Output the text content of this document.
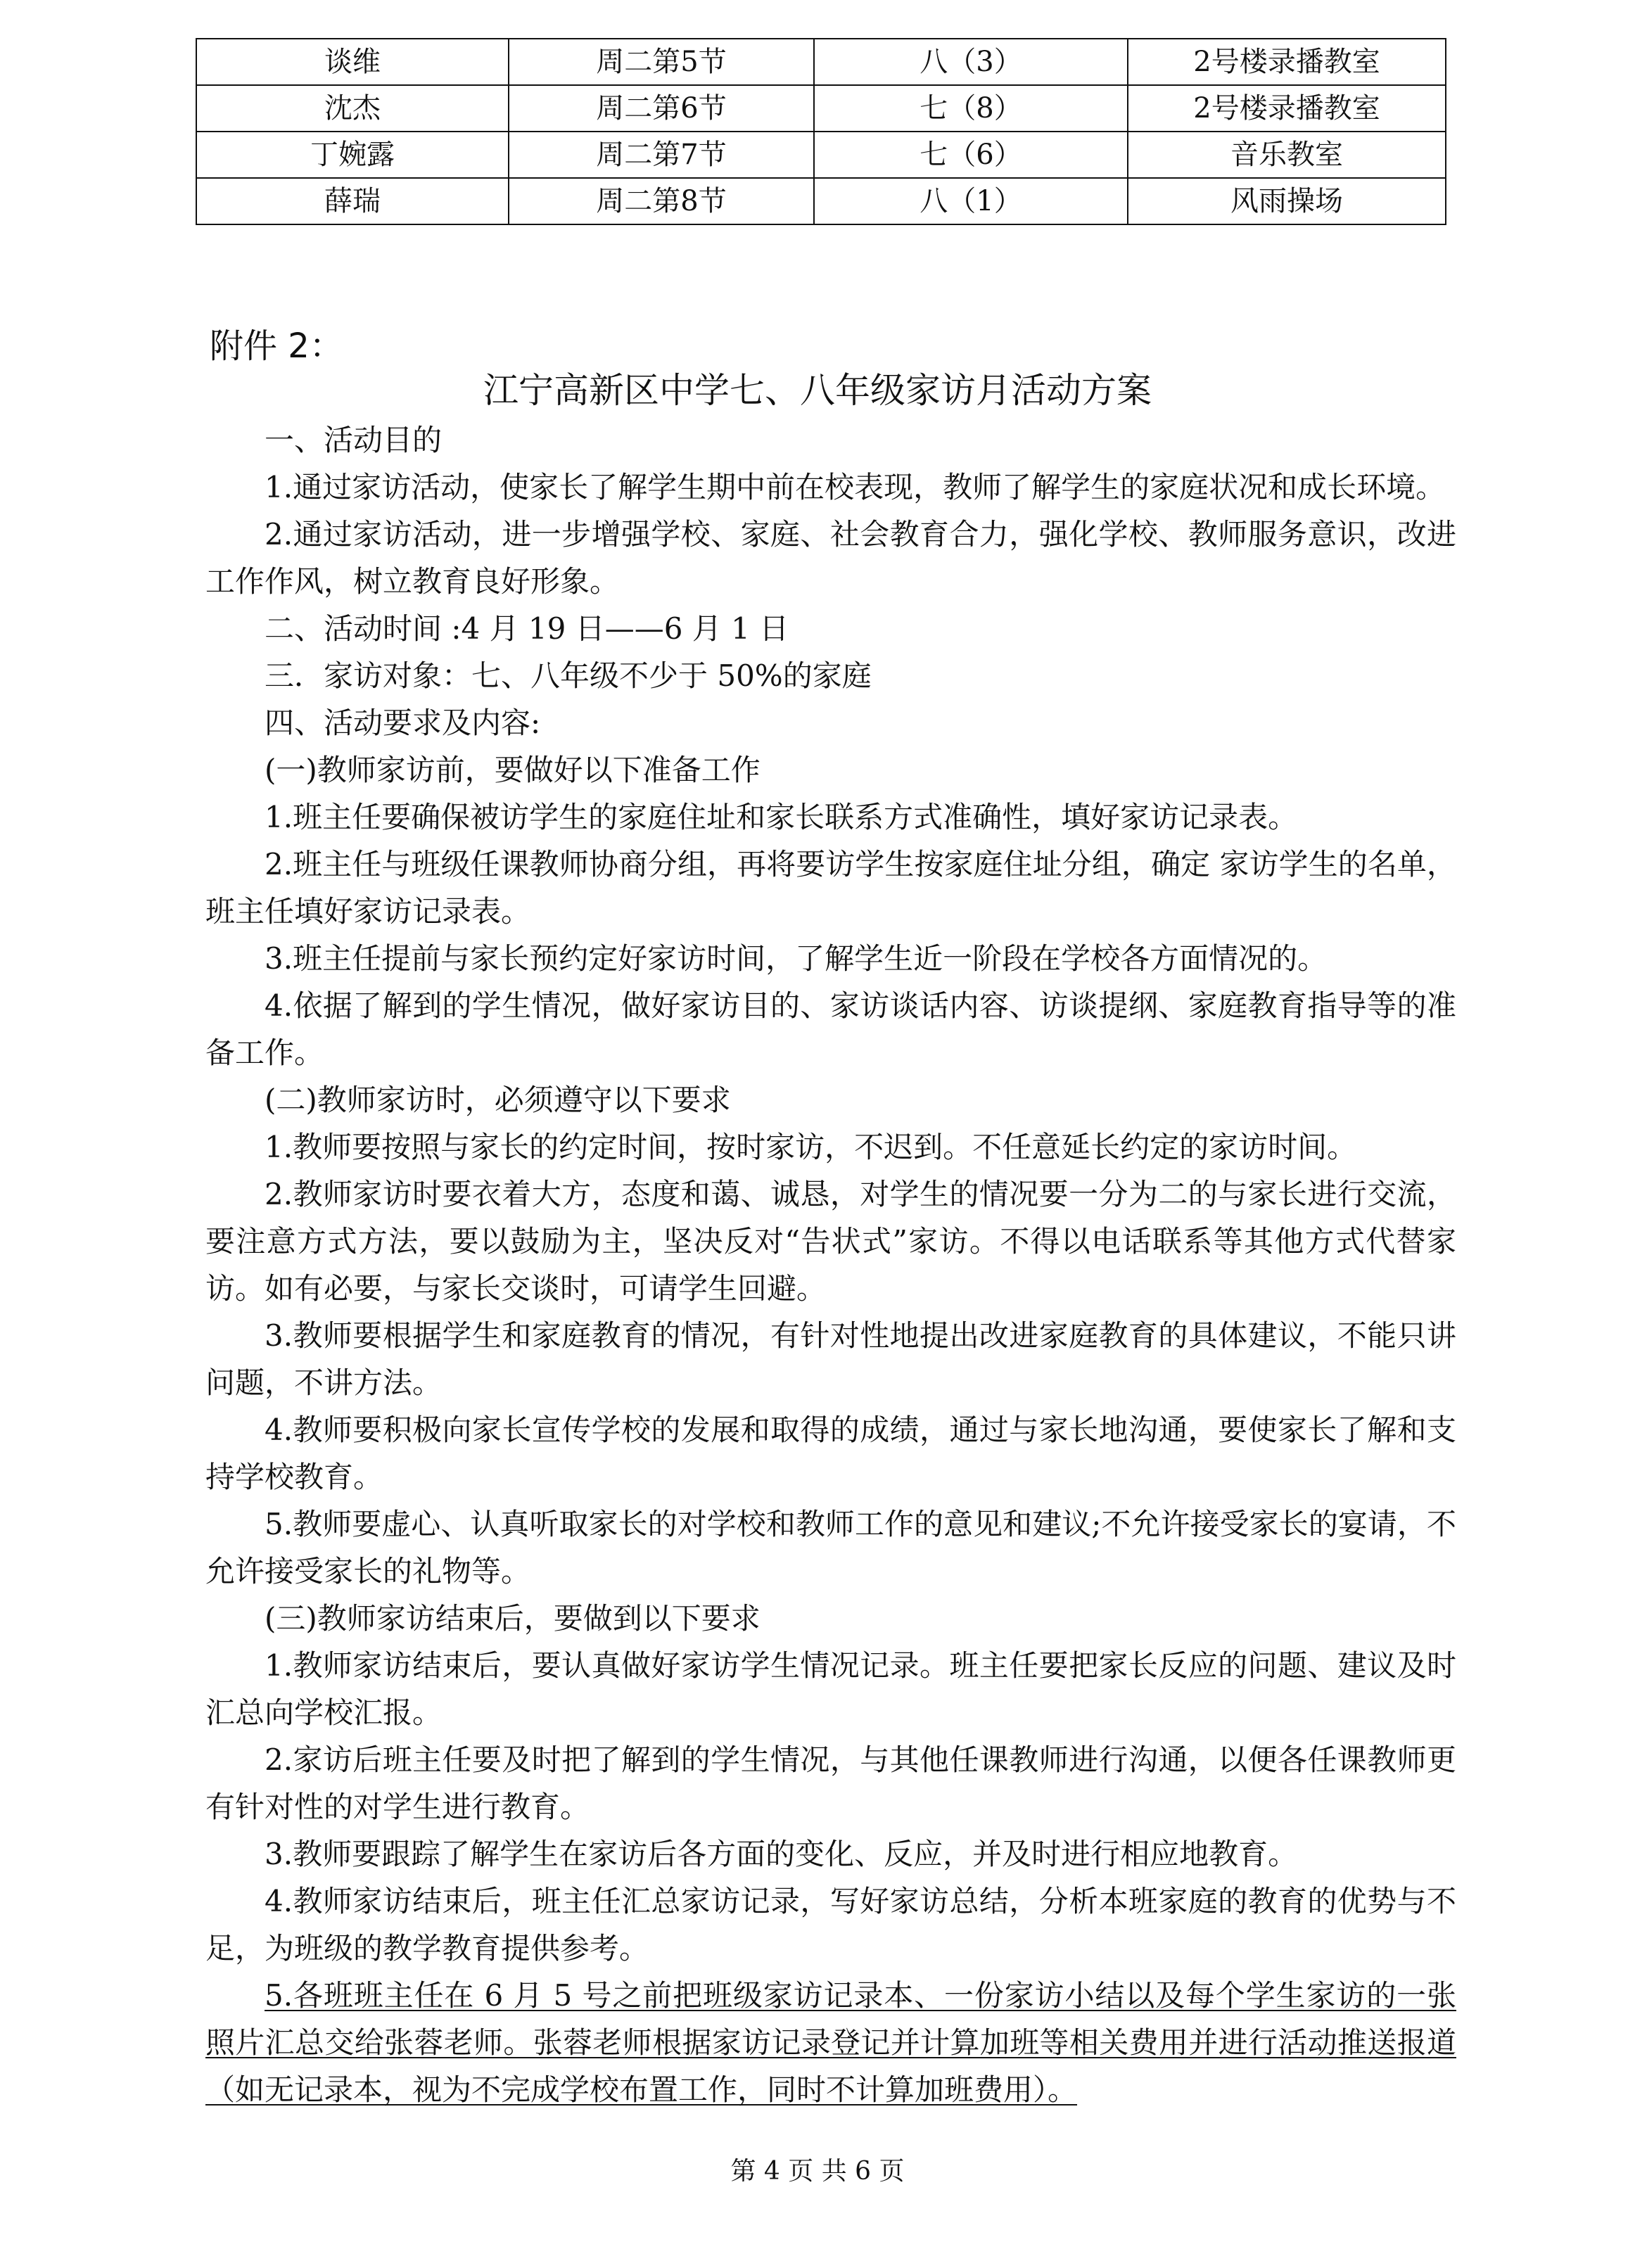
谈维	周二第5节	八（3）	2号楼录播教室
沈杰	周二第6节	七（8）	2号楼录播教室
丁婉露	周二第7节	七（6）	音乐教室
薛瑞	周二第8节	八（1）	风雨操场
附件 2：
江宁高新区中学七、八年级家访月活动方案

一、活动目的

1.通过家访活动，使家长了解学生期中前在校表现，教师了解学生的家庭状况和成长环境。

2.通过家访活动，进一步增强学校、家庭、社会教育合力，强化学校、教师服务意识，改进工作作风，树立教育良好形象。

二、活动时间 :4 月 19 日——6 月 1 日

三．家访对象：七、八年级不少于 50%的家庭

四、活动要求及内容:

(一)教师家访前，要做好以下准备工作

1.班主任要确保被访学生的家庭住址和家长联系方式准确性，填好家访记录表。

2.班主任与班级任课教师协商分组，再将要访学生按家庭住址分组，确定 家访学生的名单，班主任填好家访记录表。

3.班主任提前与家长预约定好家访时间，了解学生近一阶段在学校各方面情况的。

4.依据了解到的学生情况，做好家访目的、家访谈话内容、访谈提纲、家庭教育指导等的准备工作。

(二)教师家访时，必须遵守以下要求

1.教师要按照与家长的约定时间，按时家访，不迟到。不任意延长约定的家访时间。

2.教师家访时要衣着大方，态度和蔼、诚恳，对学生的情况要一分为二的与家长进行交流，要注意方式方法，要以鼓励为主，坚决反对“告状式”家访。不得以电话联系等其他方式代替家访。如有必要，与家长交谈时，可请学生回避。

3.教师要根据学生和家庭教育的情况，有针对性地提出改进家庭教育的具体建议，不能只讲问题，不讲方法。

4.教师要积极向家长宣传学校的发展和取得的成绩，通过与家长地沟通，要使家长了解和支持学校教育。

5.教师要虚心、认真听取家长的对学校和教师工作的意见和建议;不允许接受家长的宴请，不允许接受家长的礼物等。

(三)教师家访结束后，要做到以下要求

1.教师家访结束后，要认真做好家访学生情况记录。班主任要把家长反应的问题、建议及时汇总向学校汇报。

2.家访后班主任要及时把了解到的学生情况，与其他任课教师进行沟通，以便各任课教师更有针对性的对学生进行教育。

3.教师要跟踪了解学生在家访后各方面的变化、反应，并及时进行相应地教育。

4.教师家访结束后，班主任汇总家访记录，写好家访总结，分析本班家庭的教育的优势与不足，为班级的教学教育提供参考。

5.各班班主任在 6 月 5 号之前把班级家访记录本、一份家访小结以及每个学生家访的一张照片汇总交给张蓉老师。张蓉老师根据家访记录登记并计算加班等相关费用并进行活动推送报道（如无记录本，视为不完成学校布置工作，同时不计算加班费用）。

第 4 页 共 6 页
